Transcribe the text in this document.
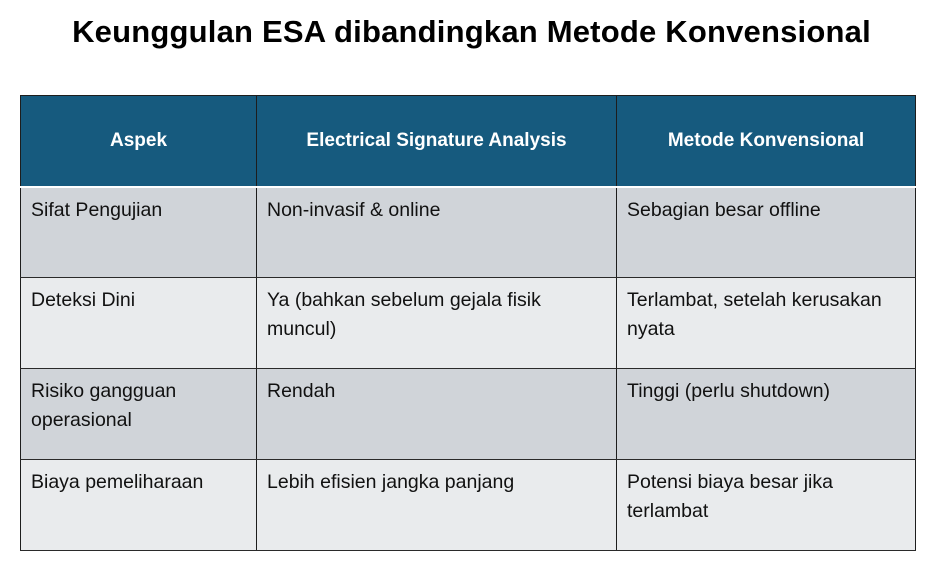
Keunggulan ESA dibandingkan Metode Konvensional
Aspek	Electrical Signature Analysis	Metode Konvensional
Sifat Pengujian	Non-invasif & online	Sebagian besar offline
Deteksi Dini	Ya (bahkan sebelum gejala fisik muncul)	Terlambat, setelah kerusakan nyata
Risiko gangguan operasional	Rendah	Tinggi (perlu shutdown)
Biaya pemeliharaan	Lebih efisien jangka panjang	Potensi biaya besar jika terlambat
